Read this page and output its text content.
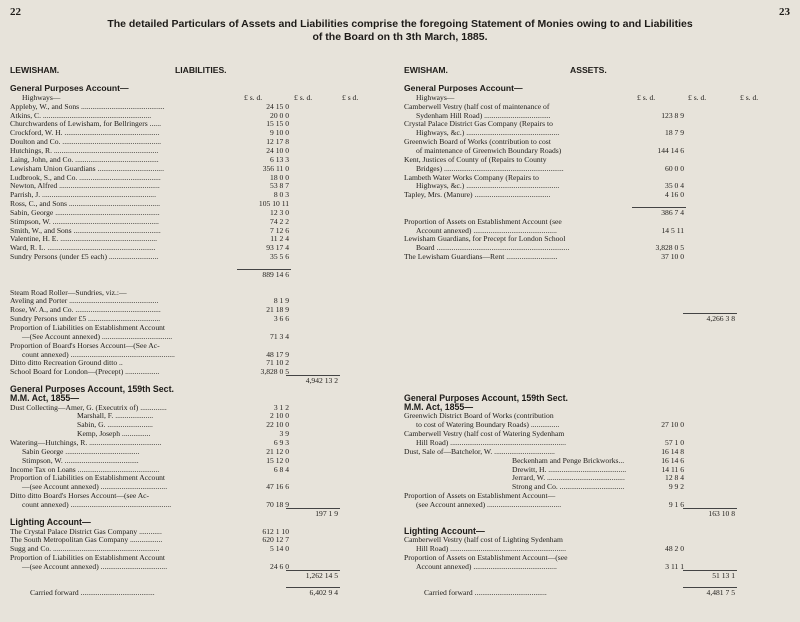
22	23
The detailed Particulars of Assets and Liabilities comprise the foregoing Statement of Monies owing to and Liabilities
of the Board on th 3th March, 1885.
LEWISHAM.	LIABILITIES.
£ s. d.	£ s. d.	£ s d.
EWISHAM.	ASSETS.
£ s. d.	£ s. d.	£ s. d.
General Purposes Account—
Highways—
Appleby, W., and Sons ............................................	24 15 0
Atkins, C. .........................................................	20 0 0
Churchwardens of Lewisham, for Bellringers ......	15 15 0
Crockford, W. H. ..................................................	9 10 0
Doulton and Co. ....................................................	12 17 8
Hutchings, R. .......................................................	24 10 0
Laing, John, and Co. ............................................	6 13 3
Lewisham Union Guardians ...................................	356 11 0
Ludbrook, S., and Co. ...........................................	18 0 0
Newton, Alfred .....................................................	53 8 7
Parrish, J. ............................................................	8 0 3
Ross, C., and Sons ................................................	105 10 11
Sabin, George .......................................................	12 3 0
Stimpson, W. ........................................................	74 2 2
Smith, W., and Sons ..............................................	7 12 6
Valentine, H. E. ...................................................	11 2 4
Ward, R. L. .........................................................	93 17 4
Sundry Persons (under £5 each) ..........................	35 5 6
889 14 6
Steam Road Roller—Sundries, viz.:—
Aveling and Porter ...............................................	8 1 9
Rose, W. A., and Co. .............................................	21 18 9
Sundry Persons under £5 ......................................	3 6 6
Proportion of Liabilities on Establishment Account
—(See Account annexed) .....................................	71 3 4
Proportion of Board's Horses Account—(See Ac-
count annexed) .......................................................	48 17 9
Ditto ditto Recreation Ground ditto ..	71 10 2
School Board for London—(Precept) ..................	3,828 0 5
4,942 13 2
General Purposes Account, 159th Sect.
M.M. Act, 1855—
Dust Collecting—Amer, G. (Executrix of) ..............	3 1 2
Marshall, F. ....................	2 10 0
Sabin, G. ........................	22 10 0
Kemp, Joseph ...............	3 9
Watering—Hutchings, R. ......................................	6 9 3
Sabin George .......................................	21 12 0
Stimpson, W. .......................................	15 12 0
Income Tax on Loans ...........................................	6 8 4
Proportion of Liabilities on Establishment Account
—(see Account annexed) ...................................	47 16 6
Ditto ditto Board's Horses Account—(see Ac-
count annexed) .....................................................	70 18 9
197 1 9
Lighting Account—
The Crystal Palace District Gas Company ............	612 1 10
The South Metropolitan Gas Company .................	620 12 7
Sugg and Co. ........................................................	5 14 0
Proportion of Liabilities on Establishment Account
—(see Account annexed) ...................................	24 6 0
1,262 14 5
Carried forward .......................................	6,402 9 4
General Purposes Account—
Highways—
Camberwell Vestry (half cost of maintenance of
Sydenham Hill Road) ...................................	123 8 9
Crystal Palace District Gas Company (Repairs to
Highways, &c.) .................................................	18 7 9
Greenwich Board of Works (contribution to cost
of maintenance of Greenwich Boundary Roads)	144 14 6
Kent, Justices of County of (Repairs to County
Bridges) ...............................................................	60 0 0
Lambeth Water Works Company (Repairs to
Highways, &c.) .................................................	35 0 4
Tapley, Mrs. (Manure) ........................................	4 16 0
386 7 4
Proportion of Assets on Establishment Account (see
Account annexed) ............................................	14 5 11
Lewisham Guardians, for Precept for London School
Board ......................................................................	3,828 0 5
The Lewisham Guardians—Rent ...........................	37 10 0
4,266 3 8
General Purposes Account, 159th Sect.
M.M. Act, 1855—
Greenwich District Board of Works (contribution
to cost of Watering Boundary Roads) ...............	27 10 0
Camberwell Vestry (half cost of Watering Sydenham
Hill Road) .............................................................	57 1 0
Dust, Sale of—Batchelor, W. ................................	16 14 8
Beckenham and Penge Brickworks...	16 14 6
Drewitt, H. .........................................	14 11 6
Jerrard, W. .........................................	12 8 4
Strong and Co. ..................................	9 9 2
Proportion of Assets on Establishment Account—
(see Account annexed) .......................................	9 1 6
163 10 8
Lighting Account—
Camberwell Vestry (half cost of Lighting Sydenham
Hill Road) .............................................................	48 2 0
Proportion of Assets on Establishment Account—(see
Account annexed) ............................................	3 11 1
51 13 1
Carried forward ......................................	4,481 7 5
